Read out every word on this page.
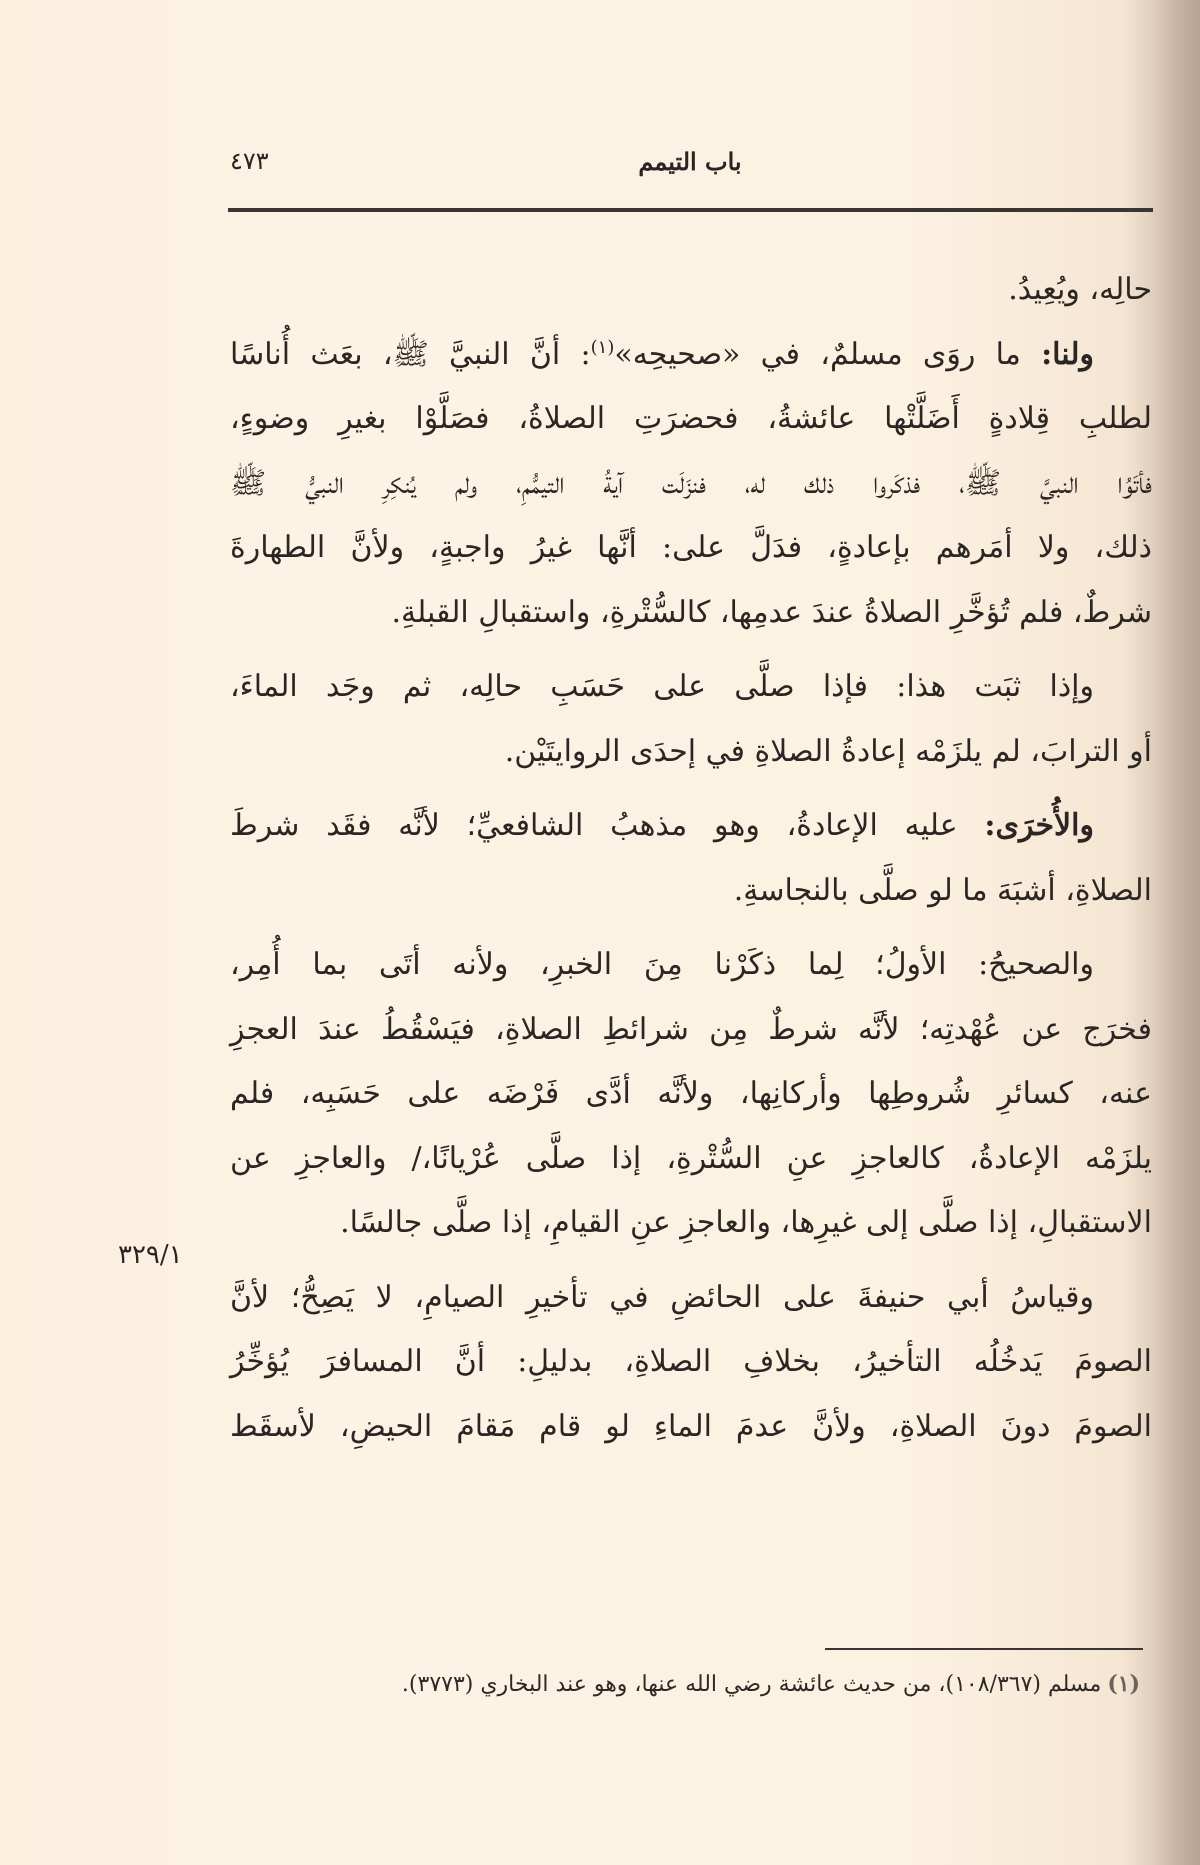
٤٧٣	باب التيمم
حالِه، ويُعِيدُ.
ولنا: ما روَى مسلمٌ، في «صحيحِه»$^{(١)}$: أنَّ النبيَّ ﷺ، بعَث أُناسًا
لطلبِ قِلادةٍ أَضَلَّتْها عائشةُ، فحضرَتِ الصلاةُ، فصَلَّوْا بغيرِ وضوءٍ،
فأتَوُا النبيَّ ﷺ، فذكَروا ذلك له، فنزَلَت آيةُ التيمُّمِ، ولم يُنكِرِ النبيُّ ﷺ
ذلك، ولا أمَرهم بإعادةٍ، فدَلَّ على: أنَّها غيرُ واجبةٍ، ولأنَّ الطهارةَ
شرطٌ، فلم تُؤخَّرِ الصلاةُ عندَ عدمِها، كالسُّتْرةِ، واستقبالِ القبلةِ.
وإذا ثبَت هذا: فإذا صلَّى على حَسَبِ حالِه، ثم وجَد الماءَ،
أو الترابَ، لم يلزَمْه إعادةُ الصلاةِ في إحدَى الروايتَيْن.
والأُخرَى: عليه الإعادةُ، وهو مذهبُ الشافعيِّ؛ لأنَّه فقَد شرطَ
الصلاةِ، أشبَهَ ما لو صلَّى بالنجاسةِ.
والصحيحُ: الأولُ؛ لِما ذكَرْنا مِنَ الخبرِ، ولأنه أتَى بما أُمِر،
فخرَج عن عُهْدتِه؛ لأنَّه شرطٌ مِن شرائطِ الصلاةِ، فيَسْقُطُ عندَ العجزِ
عنه، كسائرِ شُروطِها وأركانِها، ولأنَّه أدَّى فَرْضَه على حَسَبِه، فلم
يلزَمْه الإعادةُ، كالعاجزِ عنِ السُّتْرةِ، إذا صلَّى عُرْيانًا،/ والعاجزِ عن
الاستقبالِ، إذا صلَّى إلى غيرِها، والعاجزِ عنِ القيامِ، إذا صلَّى جالسًا.
وقياسُ أبي حنيفةَ على الحائضِ في تأخيرِ الصيامِ، لا يَصِحُّ؛ لأنَّ
الصومَ يَدخُلُه التأخيرُ، بخلافِ الصلاةِ، بدليلِ: أنَّ المسافرَ يُؤخِّرُ
الصومَ دونَ الصلاةِ، ولأنَّ عدمَ الماءِ لو قام مَقامَ الحيضِ، لأسقَط
٣٢٩/١
(١)مسلم (١٠٨/٣٦٧)، من حديث عائشة رضي الله عنها، وهو عند البخاري (٣٧٧٣).
